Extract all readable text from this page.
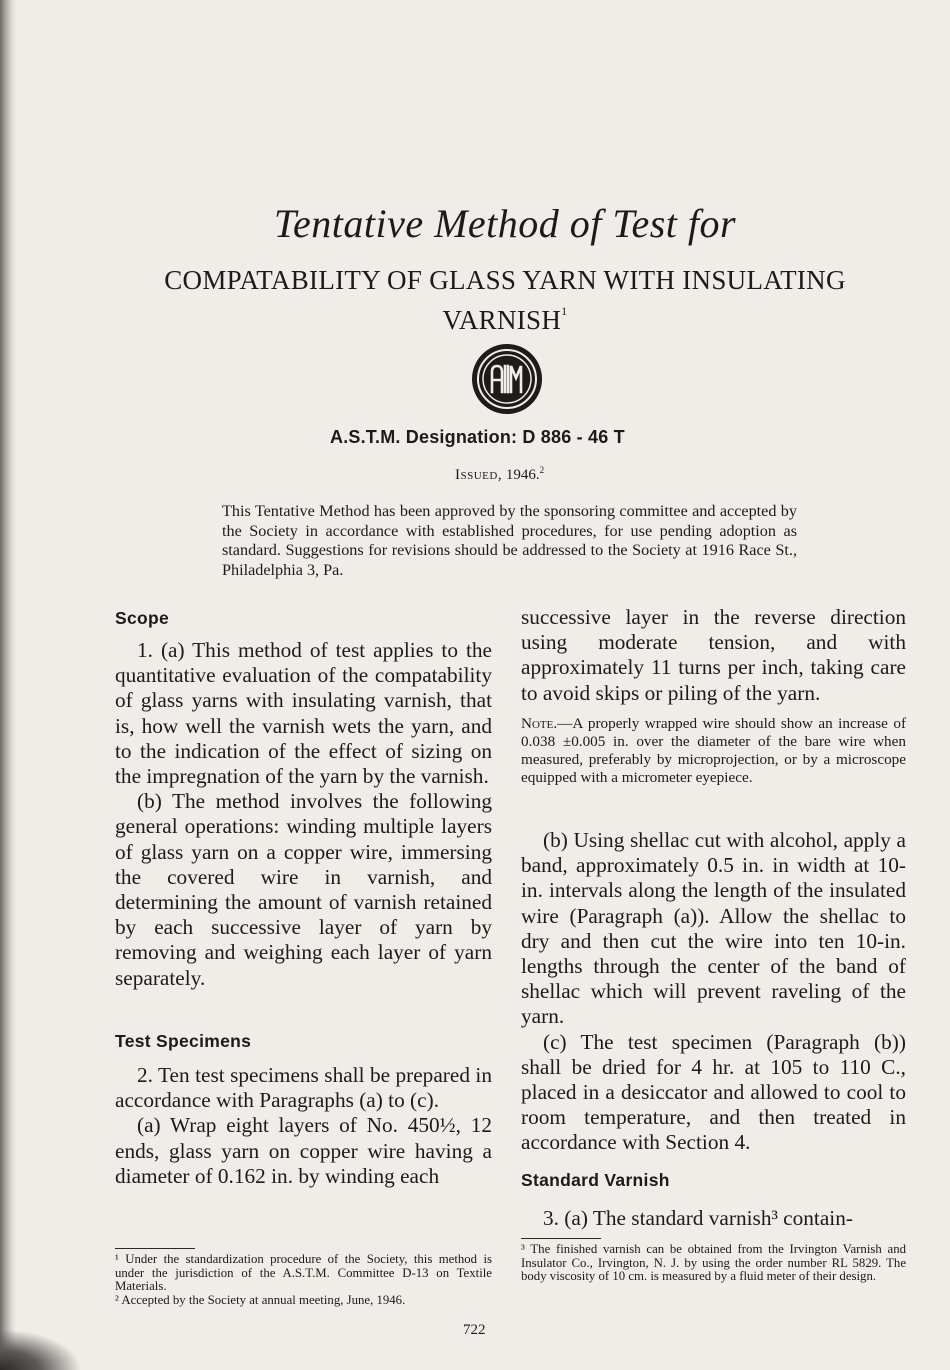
Tentative Method of Test for
COMPATABILITY OF GLASS YARN WITH INSULATING
VARNISH$^1$
A.S.T.M. Designation: D 886 - 46 T
Issued, 1946.$^2$
This Tentative Method has been approved by the sponsoring committee and accepted by the Society in accordance with established procedures, for use pending adoption as standard. Suggestions for revisions should be addressed to the Society at 1916 Race St., Philadelphia 3, Pa.
Scope

1. (a) This method of test applies to the quantitative evaluation of the compatability of glass yarns with insulating varnish, that is, how well the varnish wets the yarn, and to the indication of the effect of sizing on the impregnation of the yarn by the varnish.

(b) The method involves the following general operations: winding multiple layers of glass yarn on a copper wire, immersing the covered wire in varnish, and determining the amount of varnish retained by each successive layer of yarn by removing and weighing each layer of yarn separately.

Test Specimens

2. Ten test specimens shall be prepared in accordance with Paragraphs (a) to (c).

(a) Wrap eight layers of No. 450½, 12 ends, glass yarn on copper wire having a diameter of 0.162 in. by winding each

¹ Under the standardization procedure of the Society, this method is under the jurisdiction of the A.S.T.M. Committee D-13 on Textile Materials.
² Accepted by the Society at annual meeting, June, 1946.
successive layer in the reverse direction using moderate tension, and with approximately 11 turns per inch, taking care to avoid skips or piling of the yarn.
Note.—A properly wrapped wire should show an increase of 0.038 ±0.005 in. over the diameter of the bare wire when measured, preferably by microprojection, or by a microscope equipped with a micrometer eyepiece.

(b) Using shellac cut with alcohol, apply a band, approximately 0.5 in. in width at 10-in. intervals along the length of the insulated wire (Paragraph (a)). Allow the shellac to dry and then cut the wire into ten 10-in. lengths through the center of the band of shellac which will prevent raveling of the yarn.

(c) The test specimen (Paragraph (b)) shall be dried for 4 hr. at 105 to 110 C., placed in a desiccator and allowed to cool to room temperature, and then treated in accordance with Section 4.

Standard Varnish

3. (a) The standard varnish³ contain-

³ The finished varnish can be obtained from the Irvington Varnish and Insulator Co., Irvington, N. J. by using the order number RL 5829. The body viscosity of 10 cm. is measured by a fluid meter of their design.
722
